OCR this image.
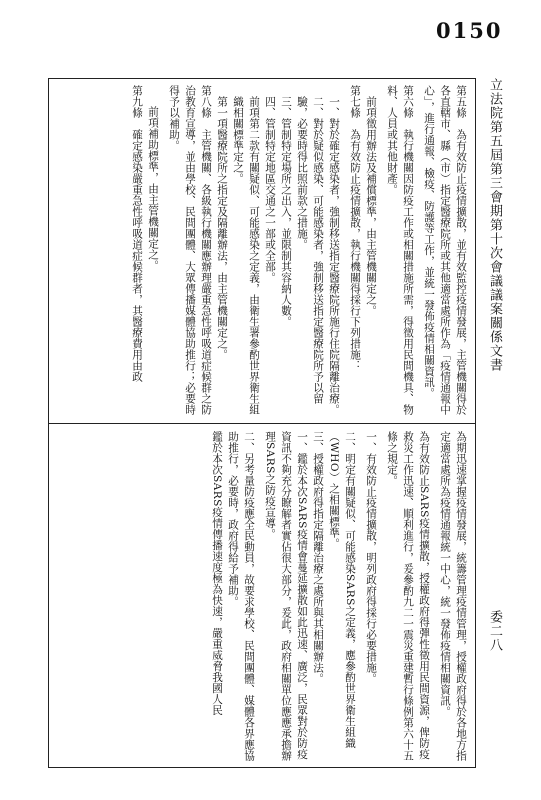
0150
立法院第五屆第三會期第十次會議議案關係文書
委二八

第五條　為有效防止疫情擴散，並有效監控疫情發展，主管機關得於各直轄市、縣（市）指定醫療院所或其他適當處所作為「疫情通報中心」，進行通報、檢疫、防護等工作，並統一發佈疫情相關資訊。

第六條　執行機關因防疫工作或相關措施所需，得徵用民間機具、物料、人員或其他財產。

前項徵用辦法及補償標準，由主管機關定之。

第七條　為有效防止疫情擴散，執行機關得採行下列措施：

一、對於確定感染者，強制移送指定醫療院所施行住院隔離治療。

二、對於疑似感染、可能感染者，強制移送指定醫療院所予以留驗，必要時得比照前款之措施。

三、管制特定場所之出入，並限制其容納人數。

四、管制特定地區交通之一部或全部。

前項第二款有關疑似、可能感染之定義，由衛生署參酌世界衛生組織相關標準定之。

第一項醫療院所之指定及隔離辦法，由主管機關定之。

第八條　主管機關、各級執行機關應辦理嚴重急性呼吸道症候群之防治教育宣導，並由學校、民間團體、大眾傳播媒體協助推行；必要時得予以補助。

前項補助標準，由主管機關定之。

第九條　確定感染嚴重急性呼吸道症候群者，其醫療費用由政

為期迅速掌握疫情發展，統籌管理疫情管理，授權政府得於各地方指定適當處所為疫情通報統一中心，統一發佈疫情相關資訊。

為有效防止SARS疫情擴散，授權政府得彈性徵用民間資源，俾防疫救災工作迅速、順利進行，爰參酌九二一震災重建暫行條例第六十五條之規定。

一、有效防止疫情擴散，明列政府得採行必要措施。

二、明定有關疑似、可能感染SARS之定義，應參酌世界衛生組織（WHO）之相關標準。

三、授權政府得指定隔離治療之處所與其相關辦法。

一、鑑於本次SARS疫情會蔓延擴散如此迅速、廣泛，民眾對於防疫資訊不夠充分瞭解者實佔很大部分，爰此，政府相關單位應應承擔辦理SARS之防疫宣導。

二、另考量防疫應全民動員，故要求學校、民間團體、媒體各界應協助推行，必要時，政府得給予補助。

鑑於本次SARS疫情傳播速度極為快速，嚴重威脅我國人民
